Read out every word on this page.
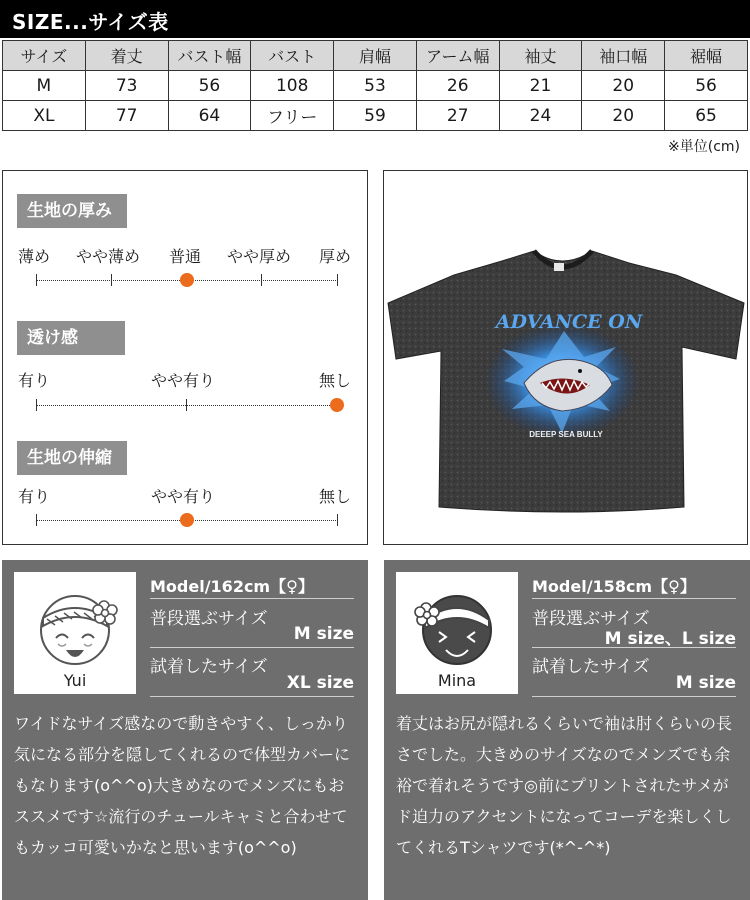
SIZE...サイズ表
サイズ	着丈	バスト幅	バスト	肩幅	アーム幅	袖丈	袖口幅	裾幅
M	73	56	108	53	26	21	20	56
XL	77	64	フリー	59	27	24	20	65
※単位(cm)
生地の厚み
薄め やや薄め 普通 やや厚め 厚め
透け感
有り	やや有り	無し
生地の伸縮
有り	やや有り	無し
ADVANCE ON
DEEEP SEA BULLY
Yui
Model/162cm【♀】
普段選ぶサイズ
M size
試着したサイズ
XL size
ワイドなサイズ感なので動きやすく、しっかり気になる部分を隠してくれるので体型カバーにもなります(o^^o)大きめなのでメンズにもおススメです☆流行のチュールキャミと合わせてもカッコ可愛いかなと思います(o^^o)
Mina
Model/158cm【♀】
普段選ぶサイズ
M size、L size
試着したサイズ
M size
着丈はお尻が隠れるくらいで袖は肘くらいの長さでした。大きめのサイズなのでメンズでも余裕で着れそうです◎前にプリントされたサメがド迫力のアクセントになってコーデを楽しくしてくれるTシャツです(*^-^*)
